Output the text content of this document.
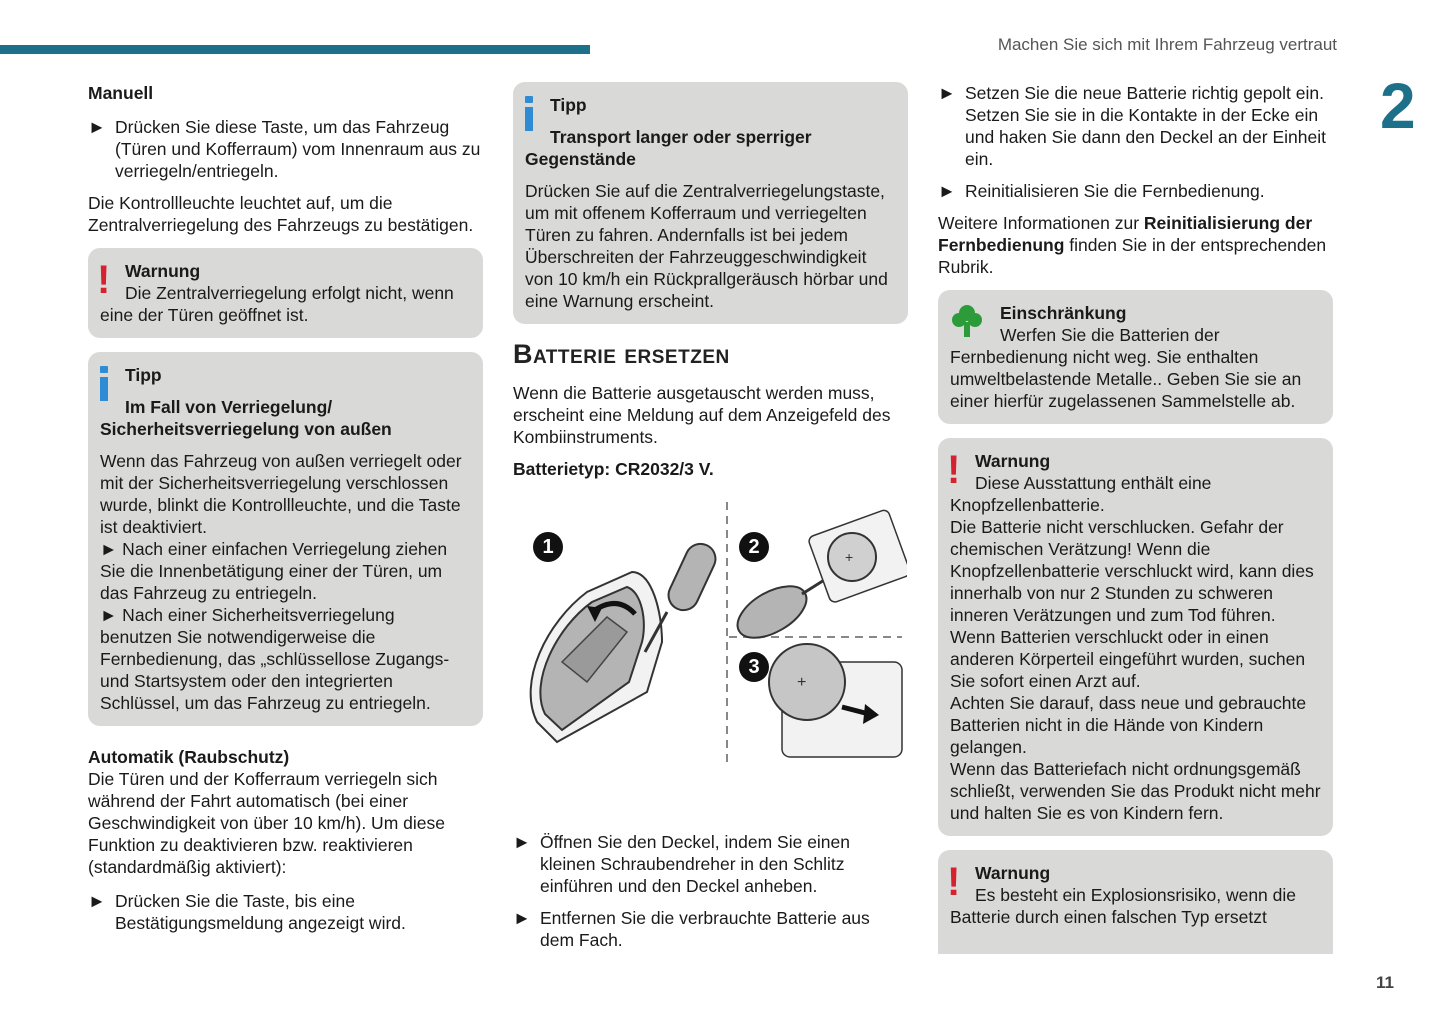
Machen Sie sich mit Ihrem Fahrzeug vertraut
2
11

Manuell

► Drücken Sie diese Taste, um das Fahrzeug (Türen und Kofferraum) vom Innenraum aus zu verriegeln/entriegeln.

Die Kontrollleuchte leuchtet auf, um die Zentralverriegelung des Fahrzeugs zu bestätigen.

! Warnung

Die Zentralverriegelung erfolgt nicht, wenn eine der Türen geöffnet ist.

Tipp

Im Fall von Verriegelung/ Sicherheitsverriegelung von außen

Wenn das Fahrzeug von außen verriegelt oder mit der Sicherheitsverriegelung verschlossen wurde, blinkt die Kontrollleuchte, und die Taste ist deaktiviert.

► Nach einer einfachen Verriegelung ziehen Sie die Innenbetätigung einer der Türen, um das Fahrzeug zu entriegeln.

► Nach einer Sicherheitsverriegelung benutzen Sie notwendigerweise die Fernbedienung, das „schlüssellose Zugangs- und Startsystem oder den integrierten Schlüssel, um das Fahrzeug zu entriegeln.

Automatik (Raubschutz)

Die Türen und der Kofferraum verriegeln sich während der Fahrt automatisch (bei einer Geschwindigkeit von über 10 km/h). Um diese Funktion zu deaktivieren bzw. reaktivieren (standardmäßig aktiviert):

► Drücken Sie die Taste, bis eine Bestätigungsmeldung angezeigt wird.

Tipp

Transport langer oder sperriger Gegenstände

Drücken Sie auf die Zentralverriegelungstaste, um mit offenem Kofferraum und verriegelten Türen zu fahren. Andernfalls ist bei jedem Überschreiten der Fahrzeuggeschwindigkeit von 10 km/h ein Rückprallgeräusch hörbar und eine Warnung erscheint.

Batterie ersetzen

Wenn die Batterie ausgetauscht werden muss, erscheint eine Meldung auf dem Anzeigefeld des Kombiinstruments.

Batterietyp: CR2032/3 V.

+
+
1	2
3
► Öffnen Sie den Deckel, indem Sie einen kleinen Schraubendreher in den Schlitz einführen und den Deckel anheben.
► Entfernen Sie die verbrauchte Batterie aus dem Fach.
► Setzen Sie die neue Batterie richtig gepolt ein. Setzen Sie sie in die Kontakte in der Ecke ein und haken Sie dann den Deckel an der Einheit ein.
► Reinitialisieren Sie die Fernbedienung.

Weitere Informationen zur Reinitialisierung der Fernbedienung finden Sie in der entsprechenden Rubrik.

Einschränkung

Werfen Sie die Batterien der Fernbedienung nicht weg. Sie enthalten umweltbelastende Metalle.. Geben Sie sie an einer hierfür zugelassenen Sammelstelle ab.

! Warnung

Diese Ausstattung enthält eine Knopfzellenbatterie.

Die Batterie nicht verschlucken. Gefahr der chemischen Verätzung! Wenn die Knopfzellenbatterie verschluckt wird, kann dies innerhalb von nur 2 Stunden zu schweren inneren Verätzungen und zum Tod führen.

Wenn Batterien verschluckt oder in einen anderen Körperteil eingeführt wurden, suchen Sie sofort einen Arzt auf.

Achten Sie darauf, dass neue und gebrauchte Batterien nicht in die Hände von Kindern gelangen.

Wenn das Batteriefach nicht ordnungsgemäß schließt, verwenden Sie das Produkt nicht mehr und halten Sie es von Kindern fern.

! Warnung

Es besteht ein Explosionsrisiko, wenn die Batterie durch einen falschen Typ ersetzt
